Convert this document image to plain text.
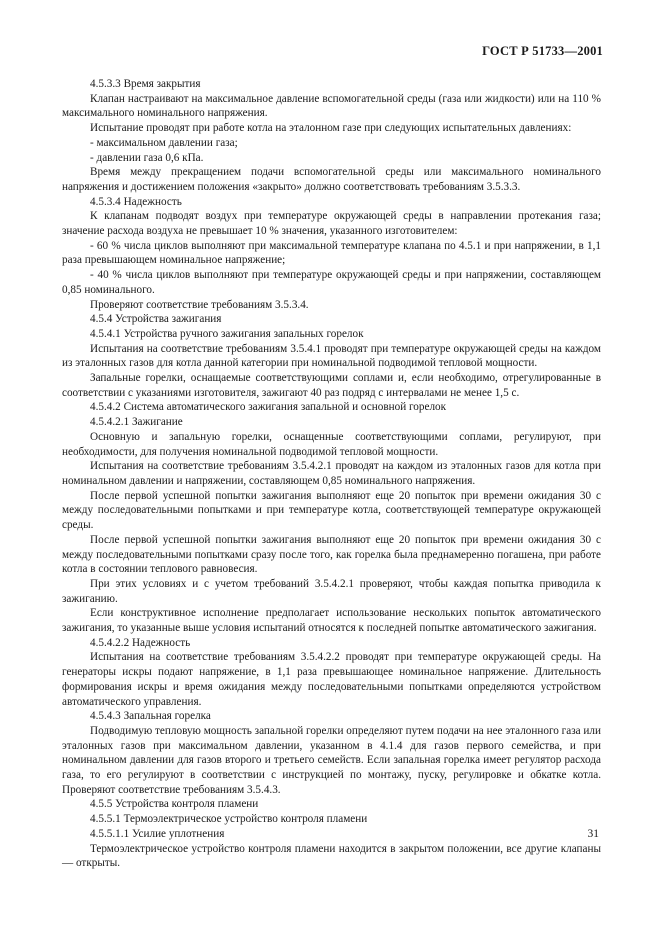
ГОСТ Р 51733—2001

4.5.3.3 Время закрытия

Клапан настраивают на максимальное давление вспомогательной среды (газа или жидкости) или на 110 % максимального номинального напряжения.

Испытание проводят при работе котла на эталонном газе при следующих испытательных давлениях:

- максимальном давлении газа;

- давлении газа 0,6 кПа.

Время между прекращением подачи вспомогательной среды или максимального номинального напряжения и достижением положения «закрыто» должно соответствовать требованиям 3.5.3.3.

4.5.3.4 Надежность

К клапанам подводят воздух при температуре окружающей среды в направлении протекания газа; значение расхода воздуха не превышает 10 % значения, указанного изготовителем:

- 60 % числа циклов выполняют при максимальной температуре клапана по 4.5.1 и при напряжении, в 1,1 раза превышающем номинальное напряжение;

- 40 % числа циклов выполняют при температуре окружающей среды и при напряжении, составляющем 0,85 номинального.

Проверяют соответствие требованиям 3.5.3.4.

4.5.4 Устройства зажигания

4.5.4.1 Устройства ручного зажигания запальных горелок

Испытания на соответствие требованиям 3.5.4.1 проводят при температуре окружающей среды на каждом из эталонных газов для котла данной категории при номинальной подводимой тепловой мощности.

Запальные горелки, оснащаемые соответствующими соплами и, если необходимо, отрегулированные в соответствии с указаниями изготовителя, зажигают 40 раз подряд с интервалами не менее 1,5 с.

4.5.4.2 Система автоматического зажигания запальной и основной горелок

4.5.4.2.1 Зажигание

Основную и запальную горелки, оснащенные соответствующими соплами, регулируют, при необходимости, для получения номинальной подводимой тепловой мощности.

Испытания на соответствие требованиям 3.5.4.2.1 проводят на каждом из эталонных газов для котла при номинальном давлении и напряжении, составляющем 0,85 номинального напряжения.

После первой успешной попытки зажигания выполняют еще 20 попыток при времени ожидания 30 с между последовательными попытками и при температуре котла, соответствующей температуре окружающей среды.

После первой успешной попытки зажигания выполняют еще 20 попыток при времени ожидания 30 с между последовательными попытками сразу после того, как горелка была преднамеренно погашена, при работе котла в состоянии теплового равновесия.

При этих условиях и с учетом требований 3.5.4.2.1 проверяют, чтобы каждая попытка приводила к зажиганию.

Если конструктивное исполнение предполагает использование нескольких попыток автоматического зажигания, то указанные выше условия испытаний относятся к последней попытке автоматического зажигания.

4.5.4.2.2 Надежность

Испытания на соответствие требованиям 3.5.4.2.2 проводят при температуре окружающей среды. На генераторы искры подают напряжение, в 1,1 раза превышающее номинальное напряжение. Длительность формирования искры и время ожидания между последовательными попытками определяются устройством автоматического управления.

4.5.4.3 Запальная горелка

Подводимую тепловую мощность запальной горелки определяют путем подачи на нее эталонного газа или эталонных газов при максимальном давлении, указанном в 4.1.4 для газов первого семейства, и при номинальном давлении для газов второго и третьего семейств. Если запальная горелка имеет регулятор расхода газа, то его регулируют в соответствии с инструкцией по монтажу, пуску, регулировке и обкатке котла. Проверяют соответствие требованиям 3.5.4.3.

4.5.5 Устройства контроля пламени

4.5.5.1 Термоэлектрическое устройство контроля пламени

4.5.5.1.1 Усилие уплотнения

Термоэлектрическое устройство контроля пламени находится в закрытом положении, все другие клапаны — открыты.

31
